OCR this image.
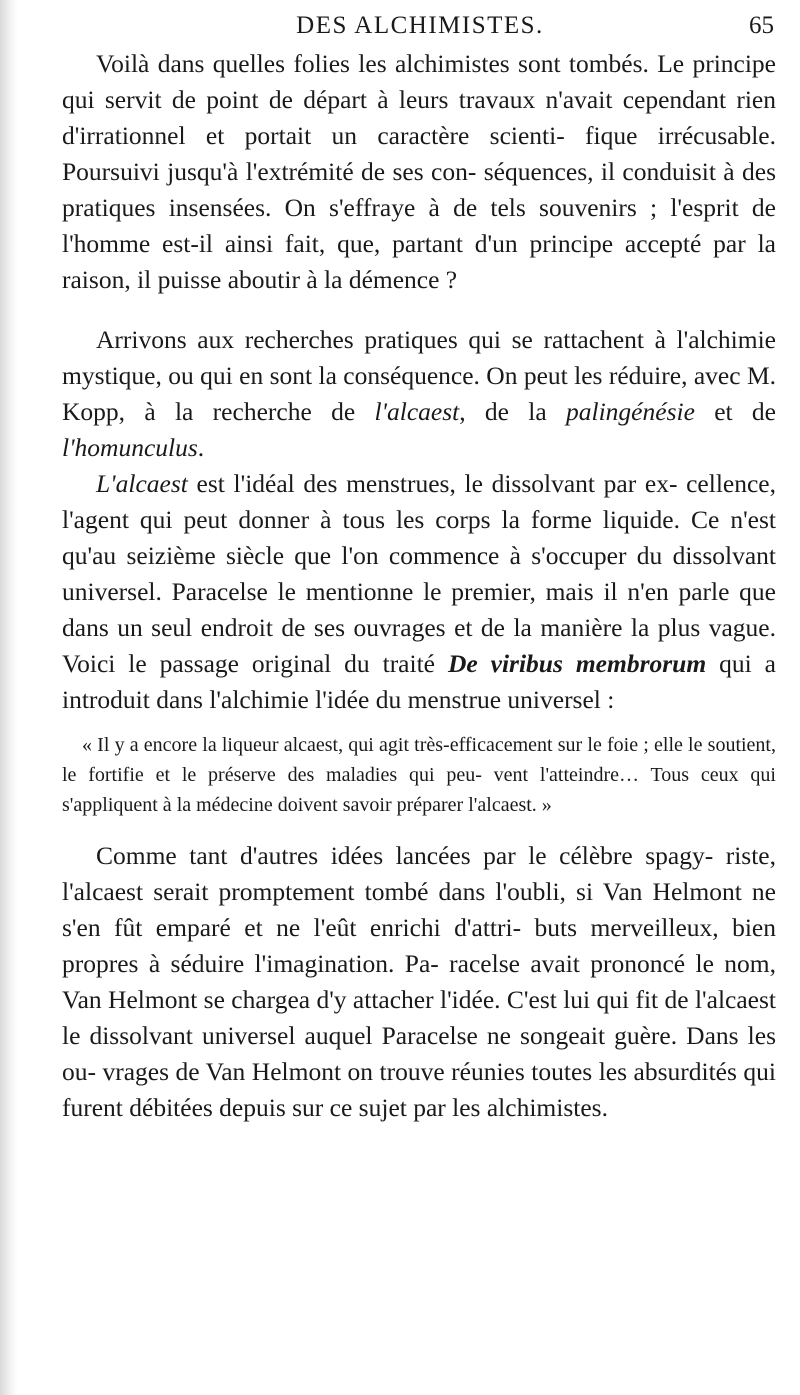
DES ALCHIMISTES.	65

Voilà dans quelles folies les alchimistes sont tombés. Le principe qui servit de point de départ à leurs travaux n'avait cependant rien d'irrationnel et portait un caractère scienti- fique irrécusable. Poursuivi jusqu'à l'extrémité de ses con- séquences, il conduisit à des pratiques insensées. On s'effraye à de tels souvenirs ; l'esprit de l'homme est-il ainsi fait, que, partant d'un principe accepté par la raison, il puisse aboutir à la démence ?

Arrivons aux recherches pratiques qui se rattachent à l'alchimie mystique, ou qui en sont la conséquence. On peut les réduire, avec M. Kopp, à la recherche de l'alcaest, de la palingénésie et de l'homunculus.

L'alcaest est l'idéal des menstrues, le dissolvant par ex- cellence, l'agent qui peut donner à tous les corps la forme liquide. Ce n'est qu'au seizième siècle que l'on commence à s'occuper du dissolvant universel. Paracelse le mentionne le premier, mais il n'en parle que dans un seul endroit de ses ouvrages et de la manière la plus vague. Voici le passage original du traité De viribus membrorum qui a introduit dans l'alchimie l'idée du menstrue universel :

« Il y a encore la liqueur alcaest, qui agit très-efficacement sur le foie ; elle le soutient, le fortifie et le préserve des maladies qui peu- vent l'atteindre… Tous ceux qui s'appliquent à la médecine doivent savoir préparer l'alcaest. »

Comme tant d'autres idées lancées par le célèbre spagy- riste, l'alcaest serait promptement tombé dans l'oubli, si Van Helmont ne s'en fût emparé et ne l'eût enrichi d'attri- buts merveilleux, bien propres à séduire l'imagination. Pa- racelse avait prononcé le nom, Van Helmont se chargea d'y attacher l'idée. C'est lui qui fit de l'alcaest le dissolvant universel auquel Paracelse ne songeait guère. Dans les ou- vrages de Van Helmont on trouve réunies toutes les absurdités qui furent débitées depuis sur ce sujet par les alchimistes.
